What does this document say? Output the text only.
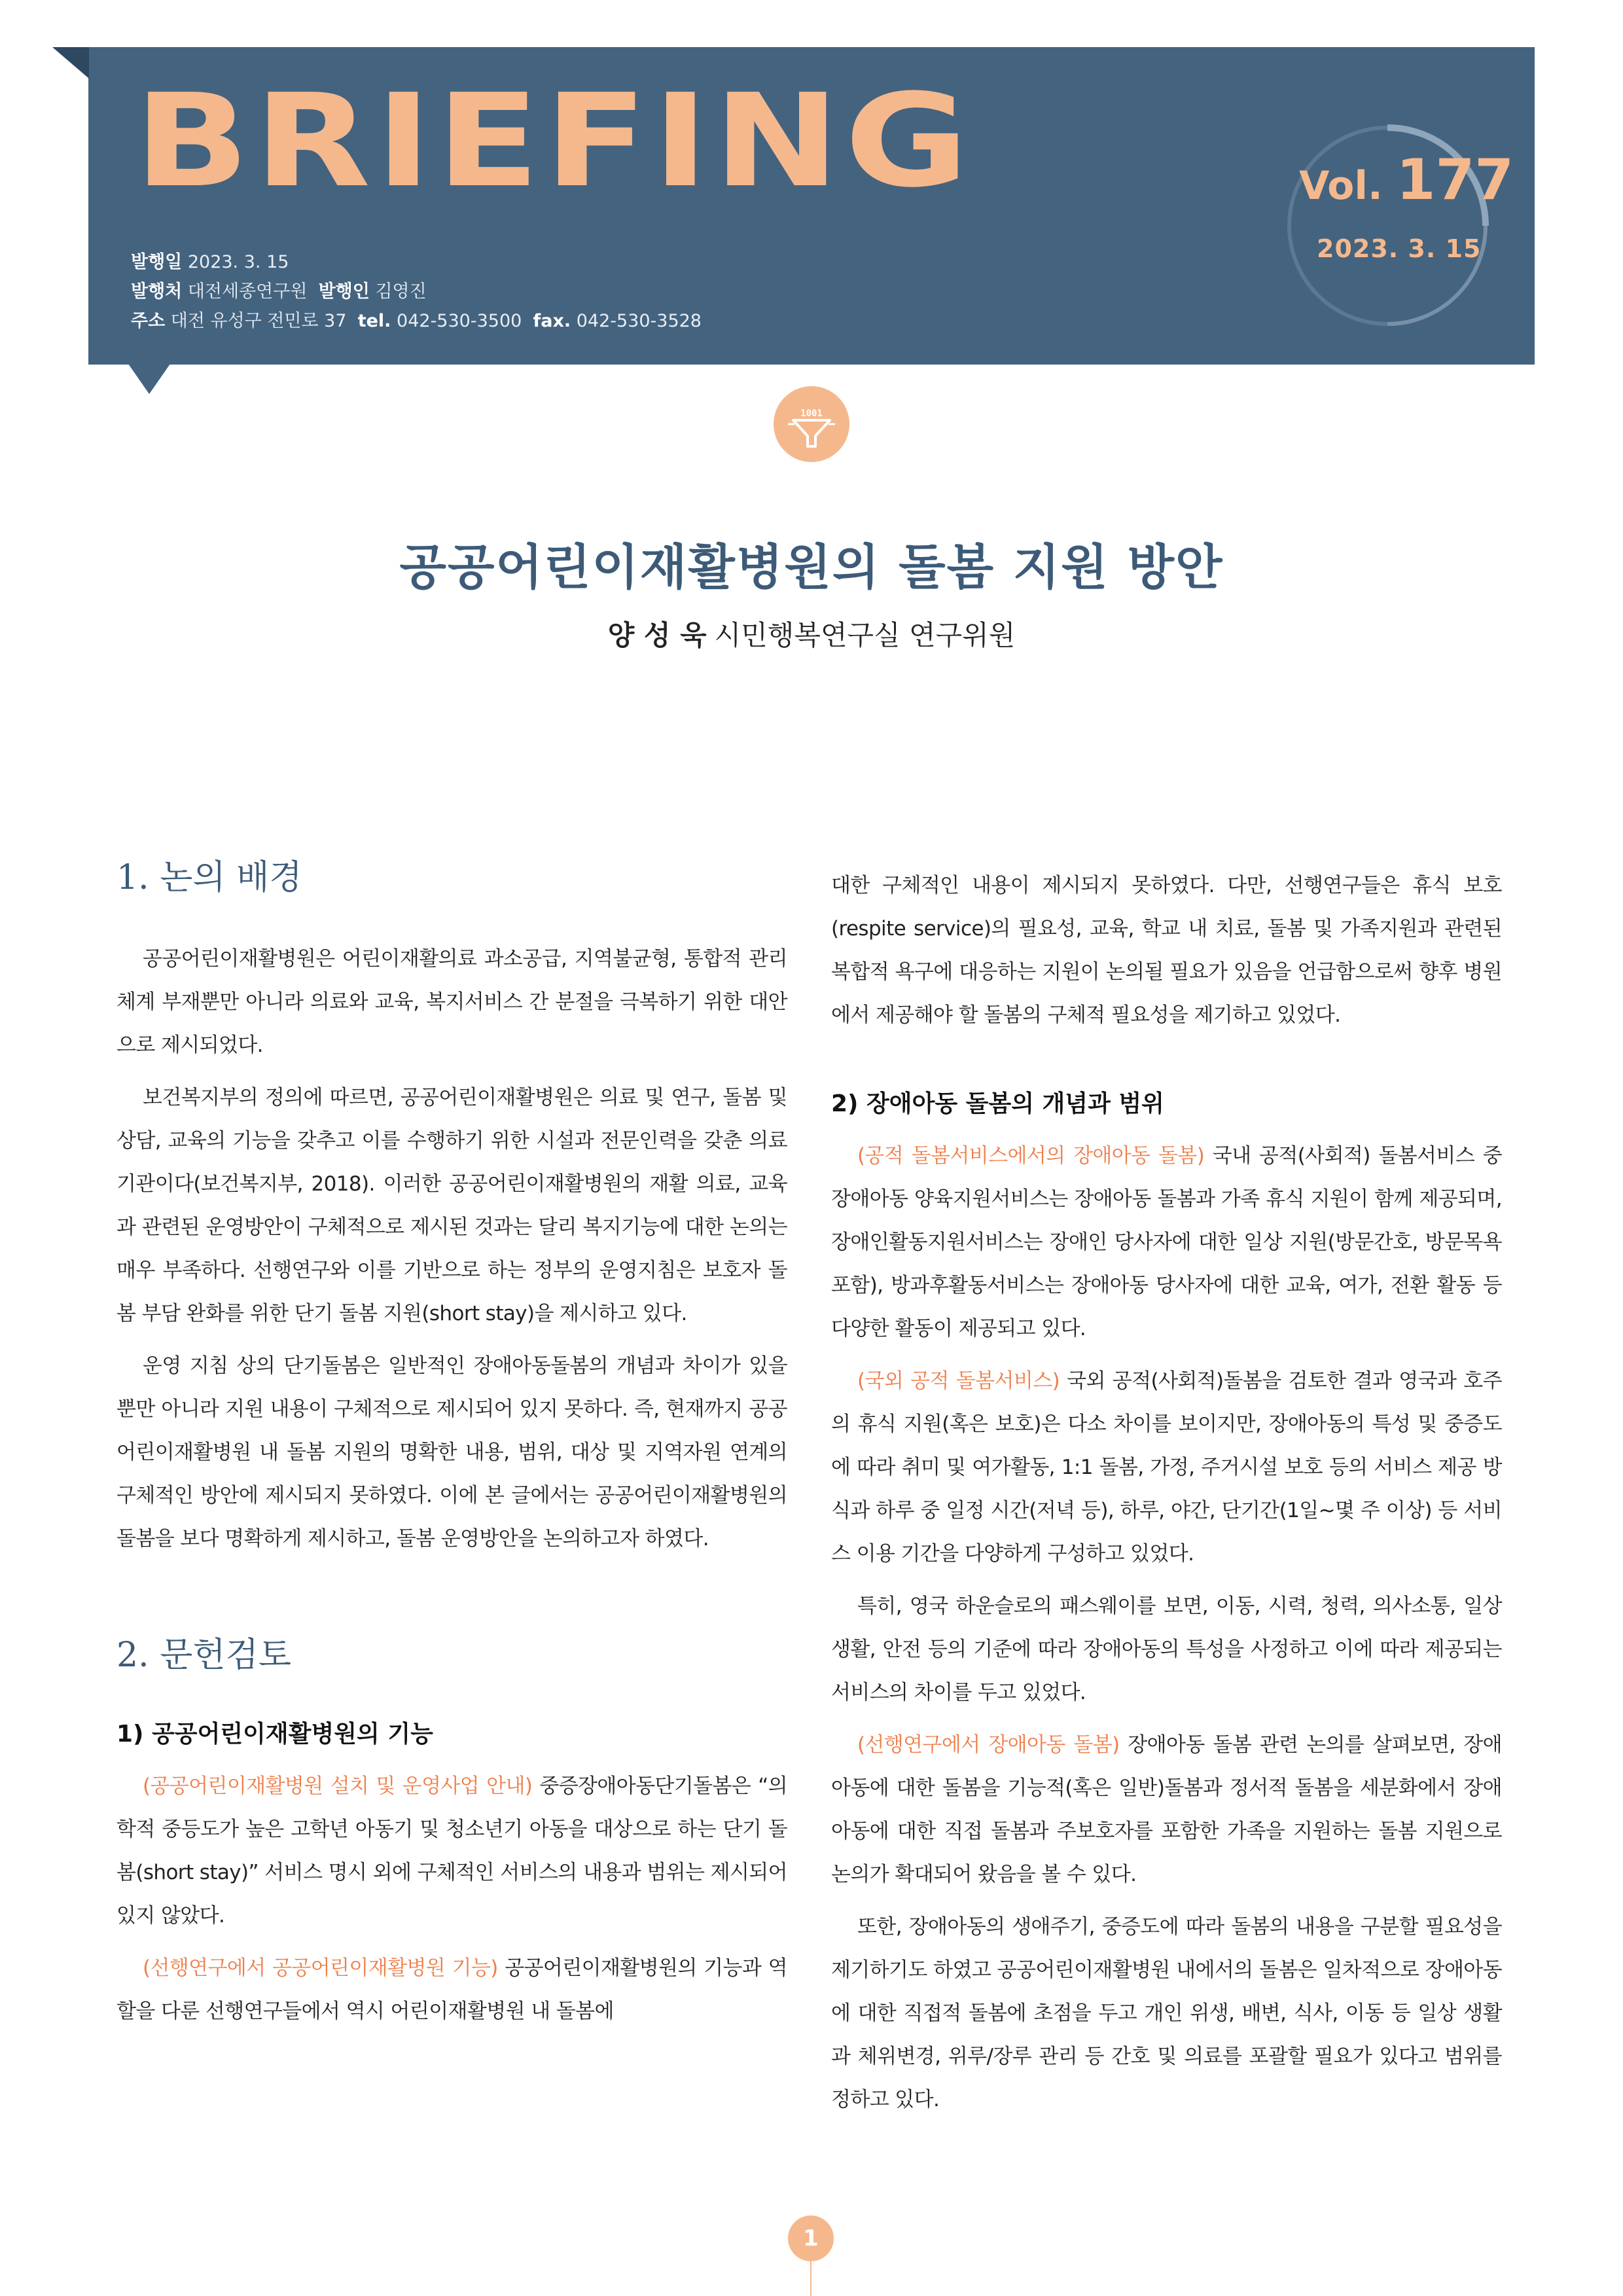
BRIEFING
발행일 2023. 3. 15
발행처 대전세종연구원 발행인 김영진
주소 대전 유성구 전민로 37 tel. 042-530-3500 fax. 042-530-3528
Vol. 177
2023. 3. 15
1001
공공어린이재활병원의 돌봄 지원 방안
양 성 욱 시민행복연구실 연구위원
1. 논의 배경

공공어린이재활병원은 어린이재활의료 과소공급, 지역불균형, 통합적 관리체계 부재뿐만 아니라 의료와 교육, 복지서비스 간 분절을 극복하기 위한 대안으로 제시되었다.

보건복지부의 정의에 따르면, 공공어린이재활병원은 의료 및 연구, 돌봄 및 상담, 교육의 기능을 갖추고 이를 수행하기 위한 시설과 전문인력을 갖춘 의료기관이다(보건복지부, 2018). 이러한 공공어린이재활병원의 재활 의료, 교육과 관련된 운영방안이 구체적으로 제시된 것과는 달리 복지기능에 대한 논의는 매우 부족하다. 선행연구와 이를 기반으로 하는 정부의 운영지침은 보호자 돌봄 부담 완화를 위한 단기 돌봄 지원(short stay)을 제시하고 있다.

운영 지침 상의 단기돌봄은 일반적인 장애아동돌봄의 개념과 차이가 있을 뿐만 아니라 지원 내용이 구체적으로 제시되어 있지 못하다. 즉, 현재까지 공공어린이재활병원 내 돌봄 지원의 명확한 내용, 범위, 대상 및 지역자원 연계의 구체적인 방안에 제시되지 못하였다. 이에 본 글에서는 공공어린이재활병원의 돌봄을 보다 명확하게 제시하고, 돌봄 운영방안을 논의하고자 하였다.

2. 문헌검토
1) 공공어린이재활병원의 기능

(공공어린이재활병원 설치 및 운영사업 안내) 중증장애아동단기돌봄은 “의학적 중등도가 높은 고학년 아동기 및 청소년기 아동을 대상으로 하는 단기 돌봄(short stay)” 서비스 명시 외에 구체적인 서비스의 내용과 범위는 제시되어 있지 않았다.

(선행연구에서 공공어린이재활병원 기능) 공공어린이재활병원의 기능과 역할을 다룬 선행연구들에서 역시 어린이재활병원 내 돌봄에

대한 구체적인 내용이 제시되지 못하였다. 다만, 선행연구들은 휴식 보호(respite service)의 필요성, 교육, 학교 내 치료, 돌봄 및 가족지원과 관련된 복합적 욕구에 대응하는 지원이 논의될 필요가 있음을 언급함으로써 향후 병원에서 제공해야 할 돌봄의 구체적 필요성을 제기하고 있었다.

2) 장애아동 돌봄의 개념과 범위

(공적 돌봄서비스에서의 장애아동 돌봄) 국내 공적(사회적) 돌봄서비스 중 장애아동 양육지원서비스는 장애아동 돌봄과 가족 휴식 지원이 함께 제공되며, 장애인활동지원서비스는 장애인 당사자에 대한 일상 지원(방문간호, 방문목욕 포함), 방과후활동서비스는 장애아동 당사자에 대한 교육, 여가, 전환 활동 등 다양한 활동이 제공되고 있다.

(국외 공적 돌봄서비스) 국외 공적(사회적)돌봄을 검토한 결과 영국과 호주의 휴식 지원(혹은 보호)은 다소 차이를 보이지만, 장애아동의 특성 및 중증도에 따라 취미 및 여가활동, 1:1 돌봄, 가정, 주거시설 보호 등의 서비스 제공 방식과 하루 중 일정 시간(저녁 등), 하루, 야간, 단기간(1일~몇 주 이상) 등 서비스 이용 기간을 다양하게 구성하고 있었다.

특히, 영국 하운슬로의 패스웨이를 보면, 이동, 시력, 청력, 의사소통, 일상생활, 안전 등의 기준에 따라 장애아동의 특성을 사정하고 이에 따라 제공되는 서비스의 차이를 두고 있었다.

(선행연구에서 장애아동 돌봄) 장애아동 돌봄 관련 논의를 살펴보면, 장애아동에 대한 돌봄을 기능적(혹은 일반)돌봄과 정서적 돌봄을 세분화에서 장애아동에 대한 직접 돌봄과 주보호자를 포함한 가족을 지원하는 돌봄 지원으로 논의가 확대되어 왔음을 볼 수 있다.

또한, 장애아동의 생애주기, 중증도에 따라 돌봄의 내용을 구분할 필요성을 제기하기도 하였고 공공어린이재활병원 내에서의 돌봄은 일차적으로 장애아동에 대한 직접적 돌봄에 초점을 두고 개인 위생, 배변, 식사, 이동 등 일상 생활과 체위변경, 위루/장루 관리 등 간호 및 의료를 포괄할 필요가 있다고 범위를 정하고 있다.

1
